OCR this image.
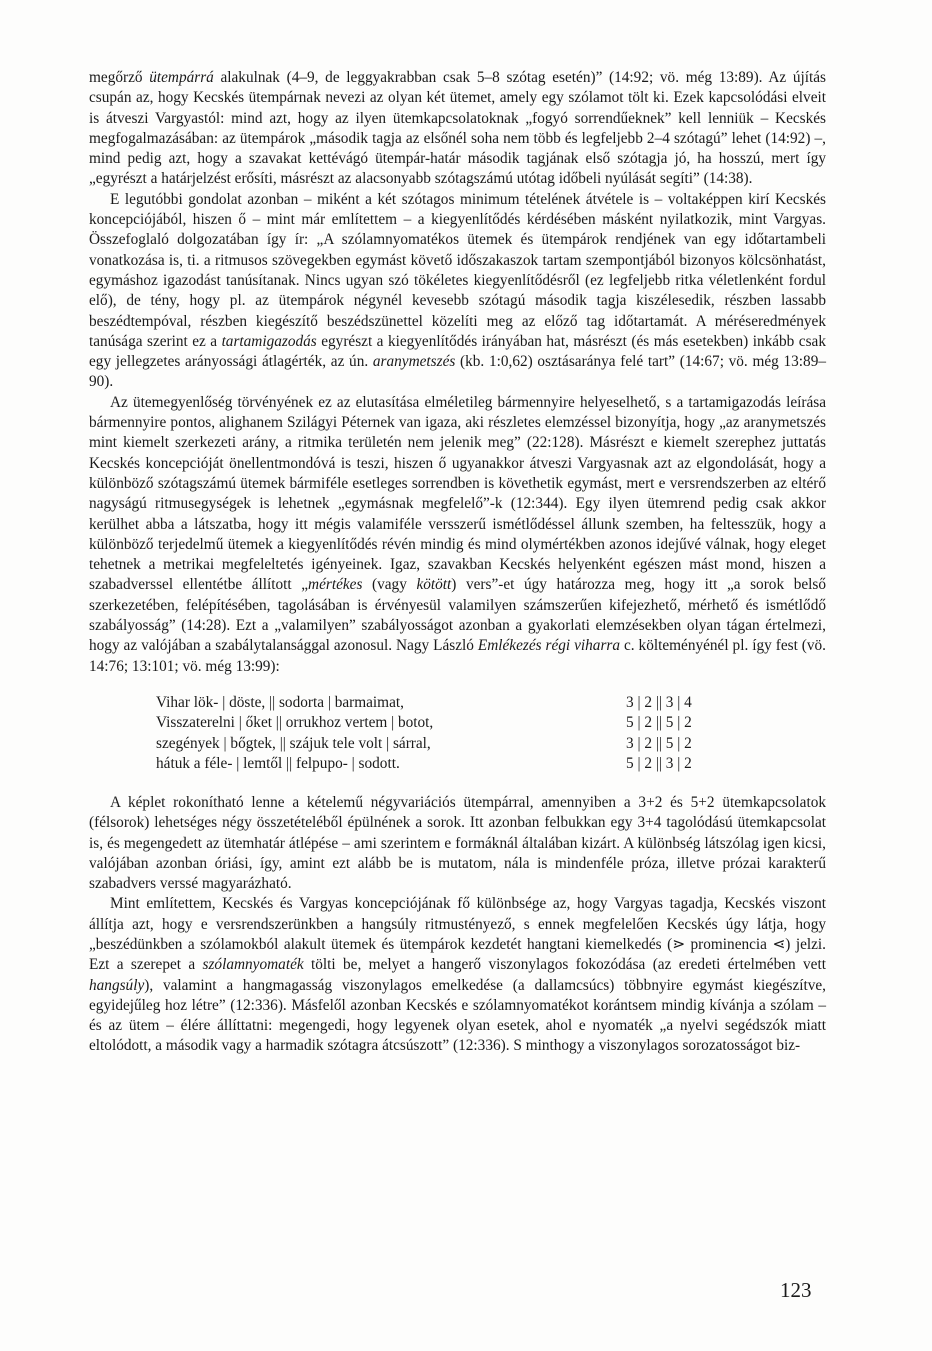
megőrző ütempárrá alakulnak (4–9, de leggyakrabban csak 5–8 szótag esetén)” (14:92; vö. még 13:89). Az újítás csupán az, hogy Kecskés ütempárnak nevezi az olyan két ütemet, amely egy szólamot tölt ki. Ezek kapcsolódási elveit is átveszi Vargyastól: mind azt, hogy az ilyen ütemkapcsolatoknak „fogyó sorrendűeknek” kell lenniük – Kecskés megfogalmazásában: az ütempárok „második tagja az elsőnél soha nem több és legfeljebb 2–4 szótagú” lehet (14:92) –, mind pedig azt, hogy a szavakat kettévágó ütempár-határ második tagjának első szótagja jó, ha hosszú, mert így „egyrészt a határjelzést erősíti, másrészt az alacsonyabb szótagszámú utótag időbeli nyúlását segíti” (14:38).

E legutóbbi gondolat azonban – miként a két szótagos minimum tételének átvétele is – voltaképpen kirí Kecskés koncepciójából, hiszen ő – mint már említettem – a kiegyenlítődés kérdésében másként nyilatkozik, mint Vargyas. Összefoglaló dolgozatában így ír: „A szólamnyomatékos ütemek és ütempárok rendjének van egy időtartambeli vonatkozása is, ti. a ritmusos szövegekben egymást követő időszakaszok tartam szempontjából bizonyos kölcsönhatást, egymáshoz igazodást tanúsítanak. Nincs ugyan szó tökéletes kiegyenlítődésről (ez legfeljebb ritka véletlenként fordul elő), de tény, hogy pl. az ütempárok négynél kevesebb szótagú második tagja kiszélesedik, részben lassabb beszédtempóval, részben kiegészítő beszédszünettel közelíti meg az előző tag időtartamát. A méréseredmények tanúsága szerint ez a tartamigazodás egyrészt a kiegyenlítődés irányában hat, másrészt (és más esetekben) inkább csak egy jellegzetes arányossági átlagérték, az ún. aranymetszés (kb. 1:0,62) osztásaránya felé tart” (14:67; vö. még 13:89–90).

Az ütemegyenlőség törvényének ez az elutasítása elméletileg bármennyire helyeselhető, s a tartamigazodás leírása bármennyire pontos, alighanem Szilágyi Péternek van igaza, aki részletes elemzéssel bizonyítja, hogy „az aranymetszés mint kiemelt szerkezeti arány, a ritmika területén nem jelenik meg” (22:128). Másrészt e kiemelt szerephez juttatás Kecskés koncepcióját önellentmondóvá is teszi, hiszen ő ugyanakkor átveszi Vargyasnak azt az elgondolását, hogy a különböző szótagszámú ütemek bármiféle esetleges sorrendben is követhetik egymást, mert e versrendszerben az eltérő nagyságú ritmusegységek is lehetnek „egymásnak megfelelő”-k (12:344). Egy ilyen ütemrend pedig csak akkor kerülhet abba a látszatba, hogy itt mégis valamiféle versszerű ismétlődéssel állunk szemben, ha feltesszük, hogy a különböző terjedelmű ütemek a kiegyenlítődés révén mindig és mind olymértékben azonos idejűvé válnak, hogy eleget tehetnek a metrikai megfeleltetés igényeinek. Igaz, szavakban Kecskés helyenként egészen mást mond, hiszen a szabadverssel ellentétbe állított „mértékes (vagy kötött) vers”-et úgy határozza meg, hogy itt „a sorok belső szerkezetében, felépítésében, tagolásában is érvényesül valamilyen számszerűen kifejezhető, mérhető és ismétlődő szabályosság” (14:28). Ezt a „valamilyen” szabályosságot azonban a gyakorlati elemzésekben olyan tágan értelmezi, hogy az valójában a szabálytalansággal azonosul. Nagy László Emlékezés régi viharra c. költeményénél pl. így fest (vö. 14:76; 13:101; vö. még 13:99):

Vihar lök- | döste, || sodorta | barmaimat,	3 | 2 || 3 | 4
Visszaterelni | őket || orrukhoz vertem | botot,	5 | 2 || 5 | 2
szegények | bőgtek, || szájuk tele volt | sárral,	3 | 2 || 5 | 2
hátuk a féle- | lemtől || felpupo- | sodott.	5 | 2 || 3 | 2

A képlet rokonítható lenne a kételemű négyvariációs ütempárral, amennyiben a 3+2 és 5+2 ütemkapcsolatok (félsorok) lehetséges négy összetételéből épülnének a sorok. Itt azonban felbukkan egy 3+4 tagolódású ütemkapcsolat is, és megengedett az ütemhatár átlépése – ami szerintem e formáknál általában kizárt. A különbség látszólag igen kicsi, valójában azonban óriási, így, amint ezt alább be is mutatom, nála is mindenféle próza, illetve prózai karakterű szabadvers verssé magyarázható.

Mint említettem, Kecskés és Vargyas koncepciójának fő különbsége az, hogy Vargyas tagadja, Kecskés viszont állítja azt, hogy e versrendszerünkben a hangsúly ritmustényező, s ennek megfelelően Kecskés úgy látja, hogy „beszédünkben a szólamokból alakult ütemek és ütempárok kezdetét hangtani kiemelkedés (⋗ prominencia ⋖) jelzi. Ezt a szerepet a szólamnyomaték tölti be, melyet a hangerő viszonylagos fokozódása (az eredeti értelmében vett hangsúly), valamint a hangmagasság viszonylagos emelkedése (a dallamcsúcs) többnyire egymást kiegészítve, egyidejűleg hoz létre” (12:336). Másfelől azonban Kecskés e szólamnyomatékot korántsem mindig kívánja a szólam – és az ütem – élére állíttatni: megengedi, hogy legyenek olyan esetek, ahol e nyomaték „a nyelvi segédszók miatt eltolódott, a második vagy a harmadik szótagra átcsúszott” (12:336). S minthogy a viszonylagos sorozatosságot biz-

123
